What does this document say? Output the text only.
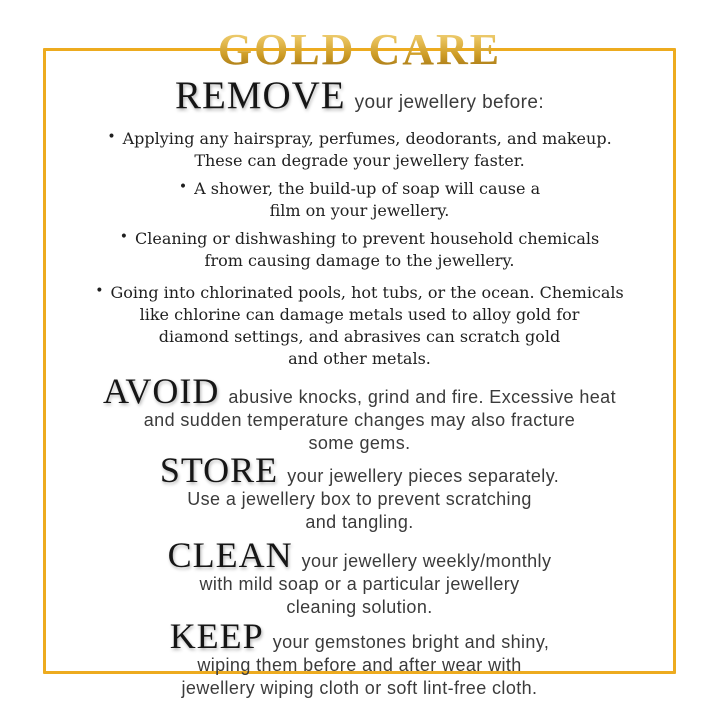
GOLD CARE
REMOVE your jewellery before:
• Applying any hairspray, perfumes, deodorants, and makeup.
These can degrade your jewellery faster.
• A shower, the build-up of soap will cause a
film on your jewellery.
• Cleaning or dishwashing to prevent household chemicals
from causing damage to the jewellery.
• Going into chlorinated pools, hot tubs, or the ocean. Chemicals
like chlorine can damage metals used to alloy gold for
diamond settings, and abrasives can scratch gold
and other metals.
AVOID abusive knocks, grind and fire. Excessive heat
and sudden temperature changes may also fracture
some gems.
STORE your jewellery pieces separately.
Use a jewellery box to prevent scratching
and tangling.
CLEAN your jewellery weekly/monthly
with mild soap or a particular jewellery
cleaning solution.
KEEP your gemstones bright and shiny,
wiping them before and after wear with
jewellery wiping cloth or soft lint-free cloth.
